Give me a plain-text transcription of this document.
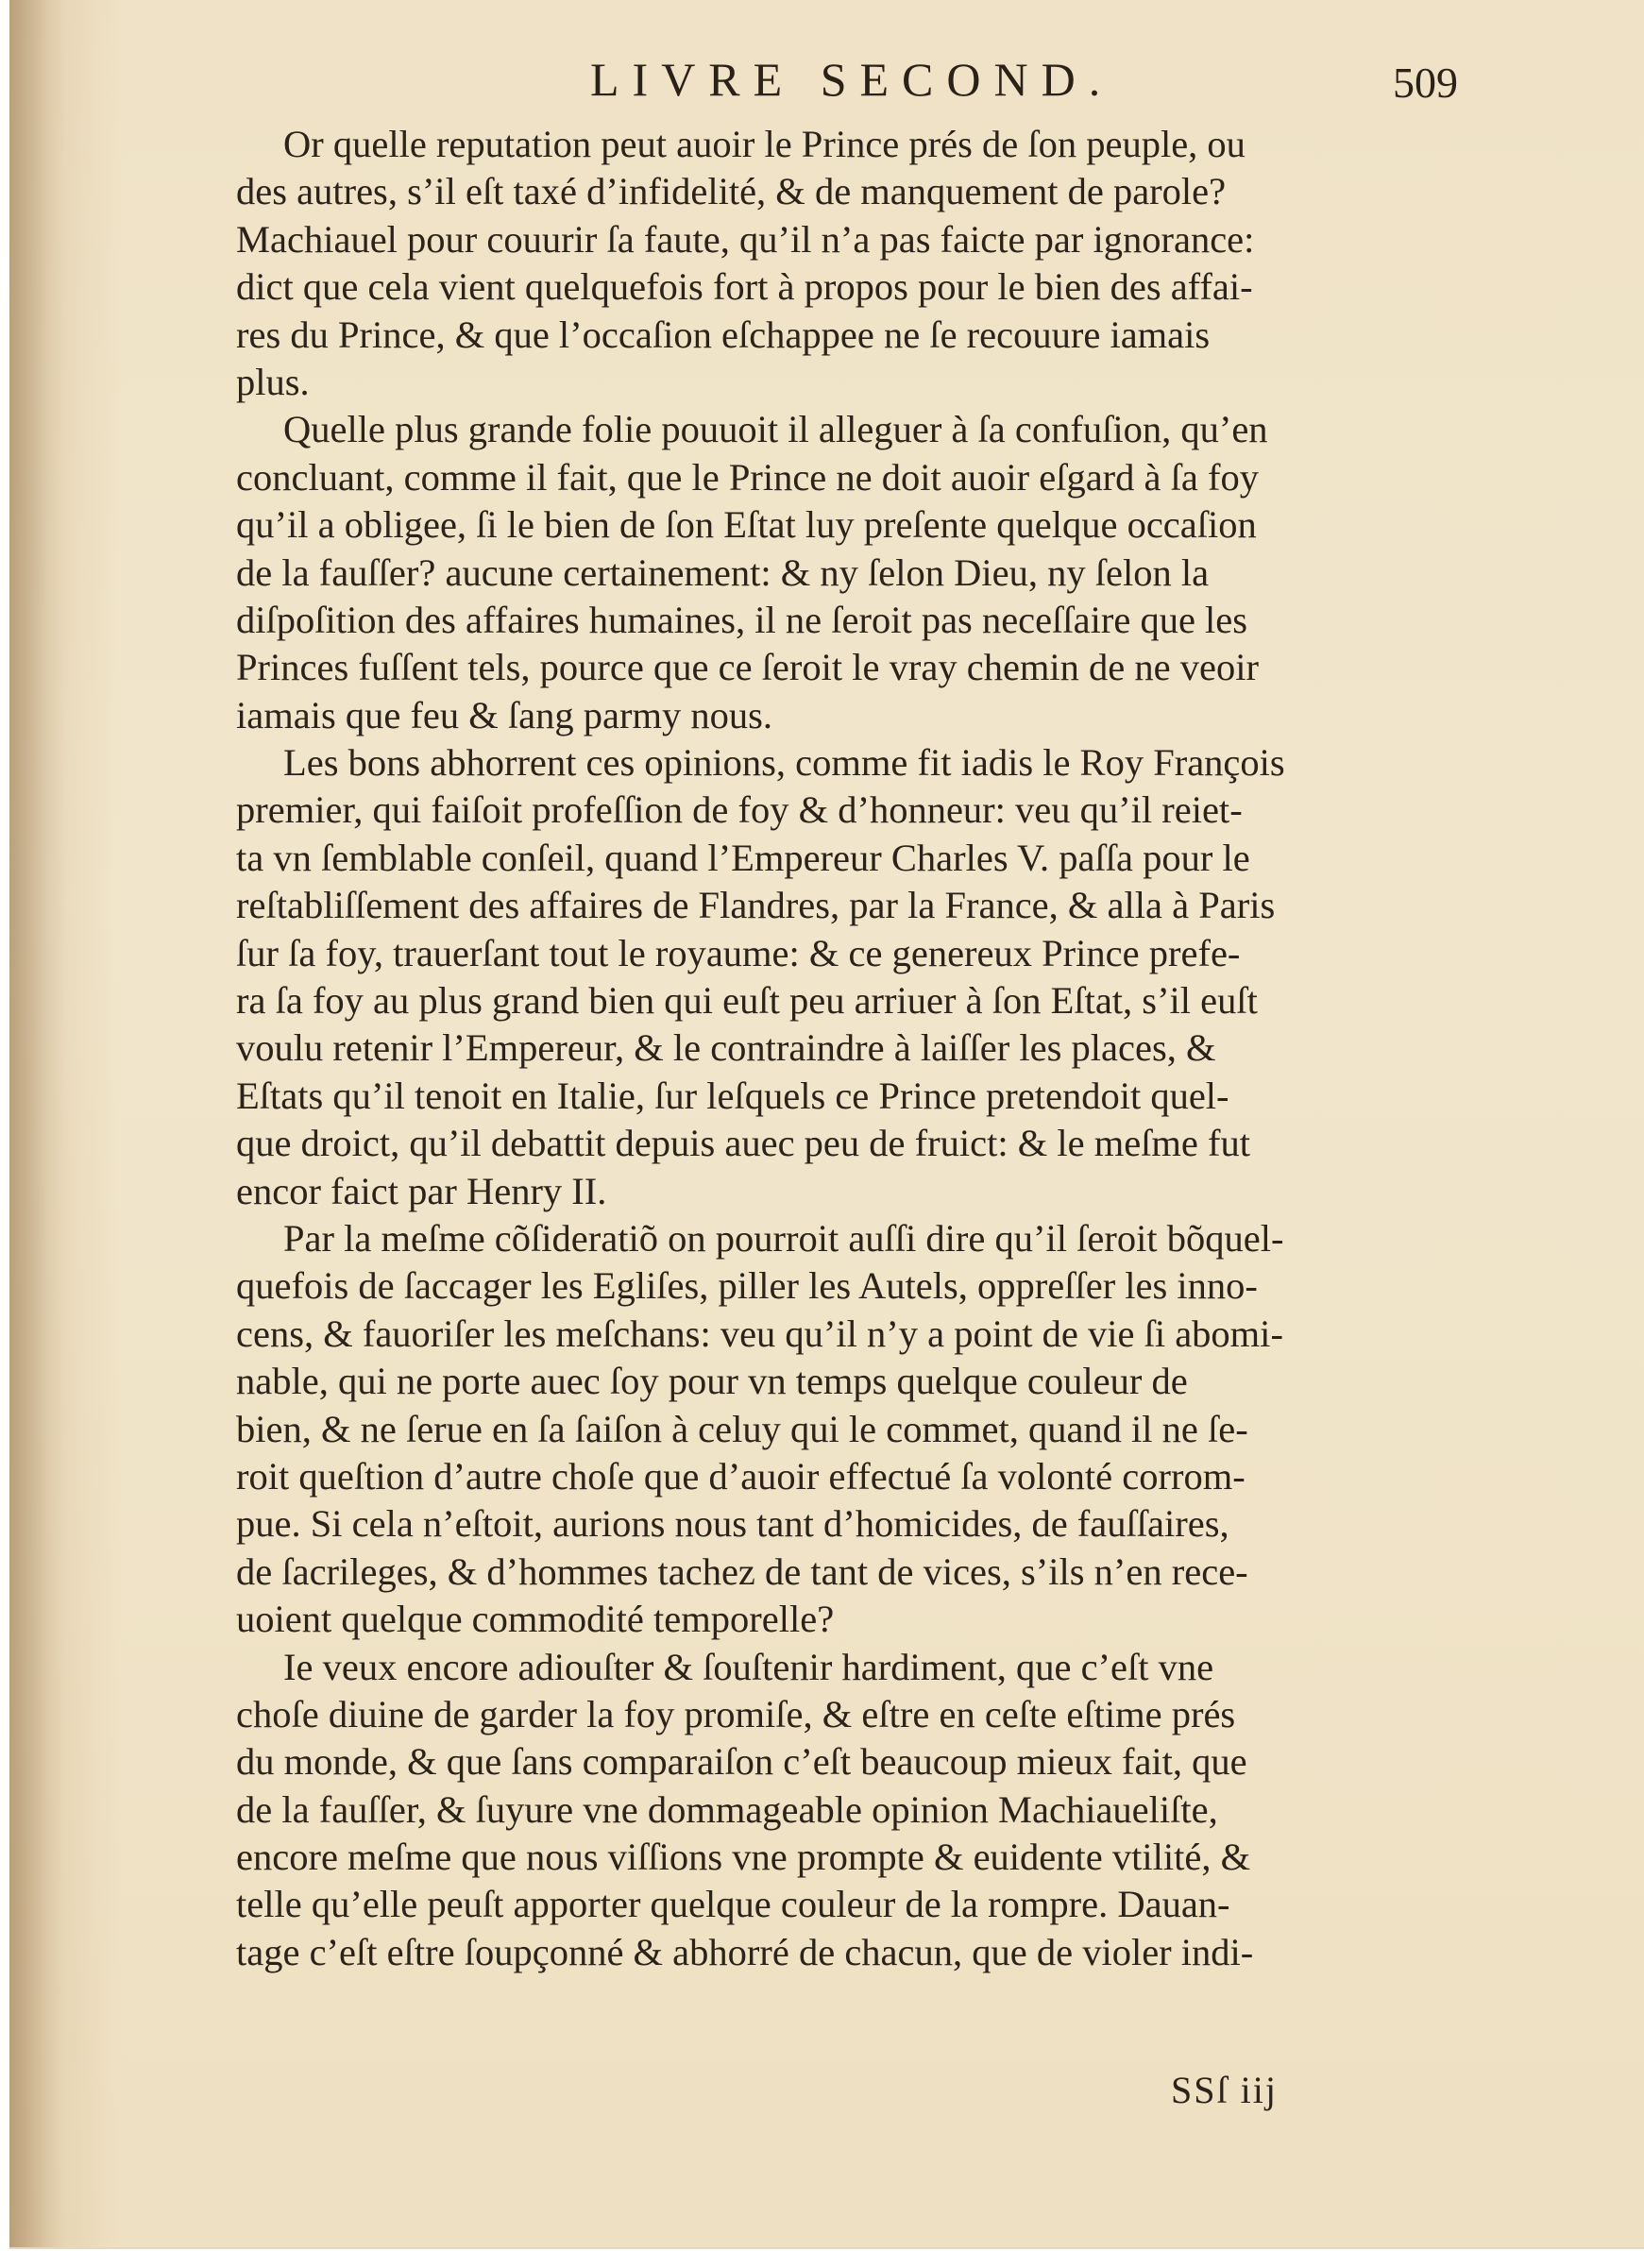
LIVRE SECOND.	509
Or quelle reputation peut auoir le Prince prés de ſon peuple, ou
des autres, s’il eſt taxé d’infidelité, & de manquement de parole?
Machiauel pour couurir ſa faute, qu’il n’a pas faicte par ignorance:
dict que cela vient quelquefois fort à propos pour le bien des affai-
res du Prince, & que l’occaſion eſchappee ne ſe recouure iamais
plus.
Quelle plus grande folie pouuoit il alleguer à ſa confuſion, qu’en
concluant, comme il fait, que le Prince ne doit auoir eſgard à ſa foy
qu’il a obligee, ſi le bien de ſon Eſtat luy preſente quelque occaſion
de la fauſſer? aucune certainement: & ny ſelon Dieu, ny ſelon la
diſpoſition des affaires humaines, il ne ſeroit pas neceſſaire que les
Princes fuſſent tels, pource que ce ſeroit le vray chemin de ne veoir
iamais que feu & ſang parmy nous.
Les bons abhorrent ces opinions, comme fit iadis le Roy François
premier, qui faiſoit profeſſion de foy & d’honneur: veu qu’il reiet-
ta vn ſemblable conſeil, quand l’Empereur Charles V. paſſa pour le
reſtabliſſement des affaires de Flandres, par la France, & alla à Paris
ſur ſa foy, trauerſant tout le royaume: & ce genereux Prince prefe-
ra ſa foy au plus grand bien qui euſt peu arriuer à ſon Eſtat, s’il euſt
voulu retenir l’Empereur, & le contraindre à laiſſer les places, &
Eſtats qu’il tenoit en Italie, ſur leſquels ce Prince pretendoit quel-
que droict, qu’il debattit depuis auec peu de fruict: & le meſme fut
encor faict par Henry II.
Par la meſme cõſideratiõ on pourroit auſſi dire qu’il ſeroit bõquel-
quefois de ſaccager les Egliſes, piller les Autels, oppreſſer les inno-
cens, & fauoriſer les meſchans: veu qu’il n’y a point de vie ſi abomi-
nable, qui ne porte auec ſoy pour vn temps quelque couleur de
bien, & ne ſerue en ſa ſaiſon à celuy qui le commet, quand il ne ſe-
roit queſtion d’autre choſe que d’auoir effectué ſa volonté corrom-
pue. Si cela n’eſtoit, aurions nous tant d’homicides, de fauſſaires,
de ſacrileges, & d’hommes tachez de tant de vices, s’ils n’en rece-
uoient quelque commodité temporelle?
Ie veux encore adiouſter & ſouſtenir hardiment, que c’eſt vne
choſe diuine de garder la foy promiſe, & eſtre en ceſte eſtime prés
du monde, & que ſans comparaiſon c’eſt beaucoup mieux fait, que
de la fauſſer, & ſuyure vne dommageable opinion Machiaueliſte,
encore meſme que nous viſſions vne prompte & euidente vtilité, &
telle qu’elle peuſt apporter quelque couleur de la rompre. Dauan-
tage c’eſt eſtre ſoupçonné & abhorré de chacun, que de violer indi-
SSſ iij
